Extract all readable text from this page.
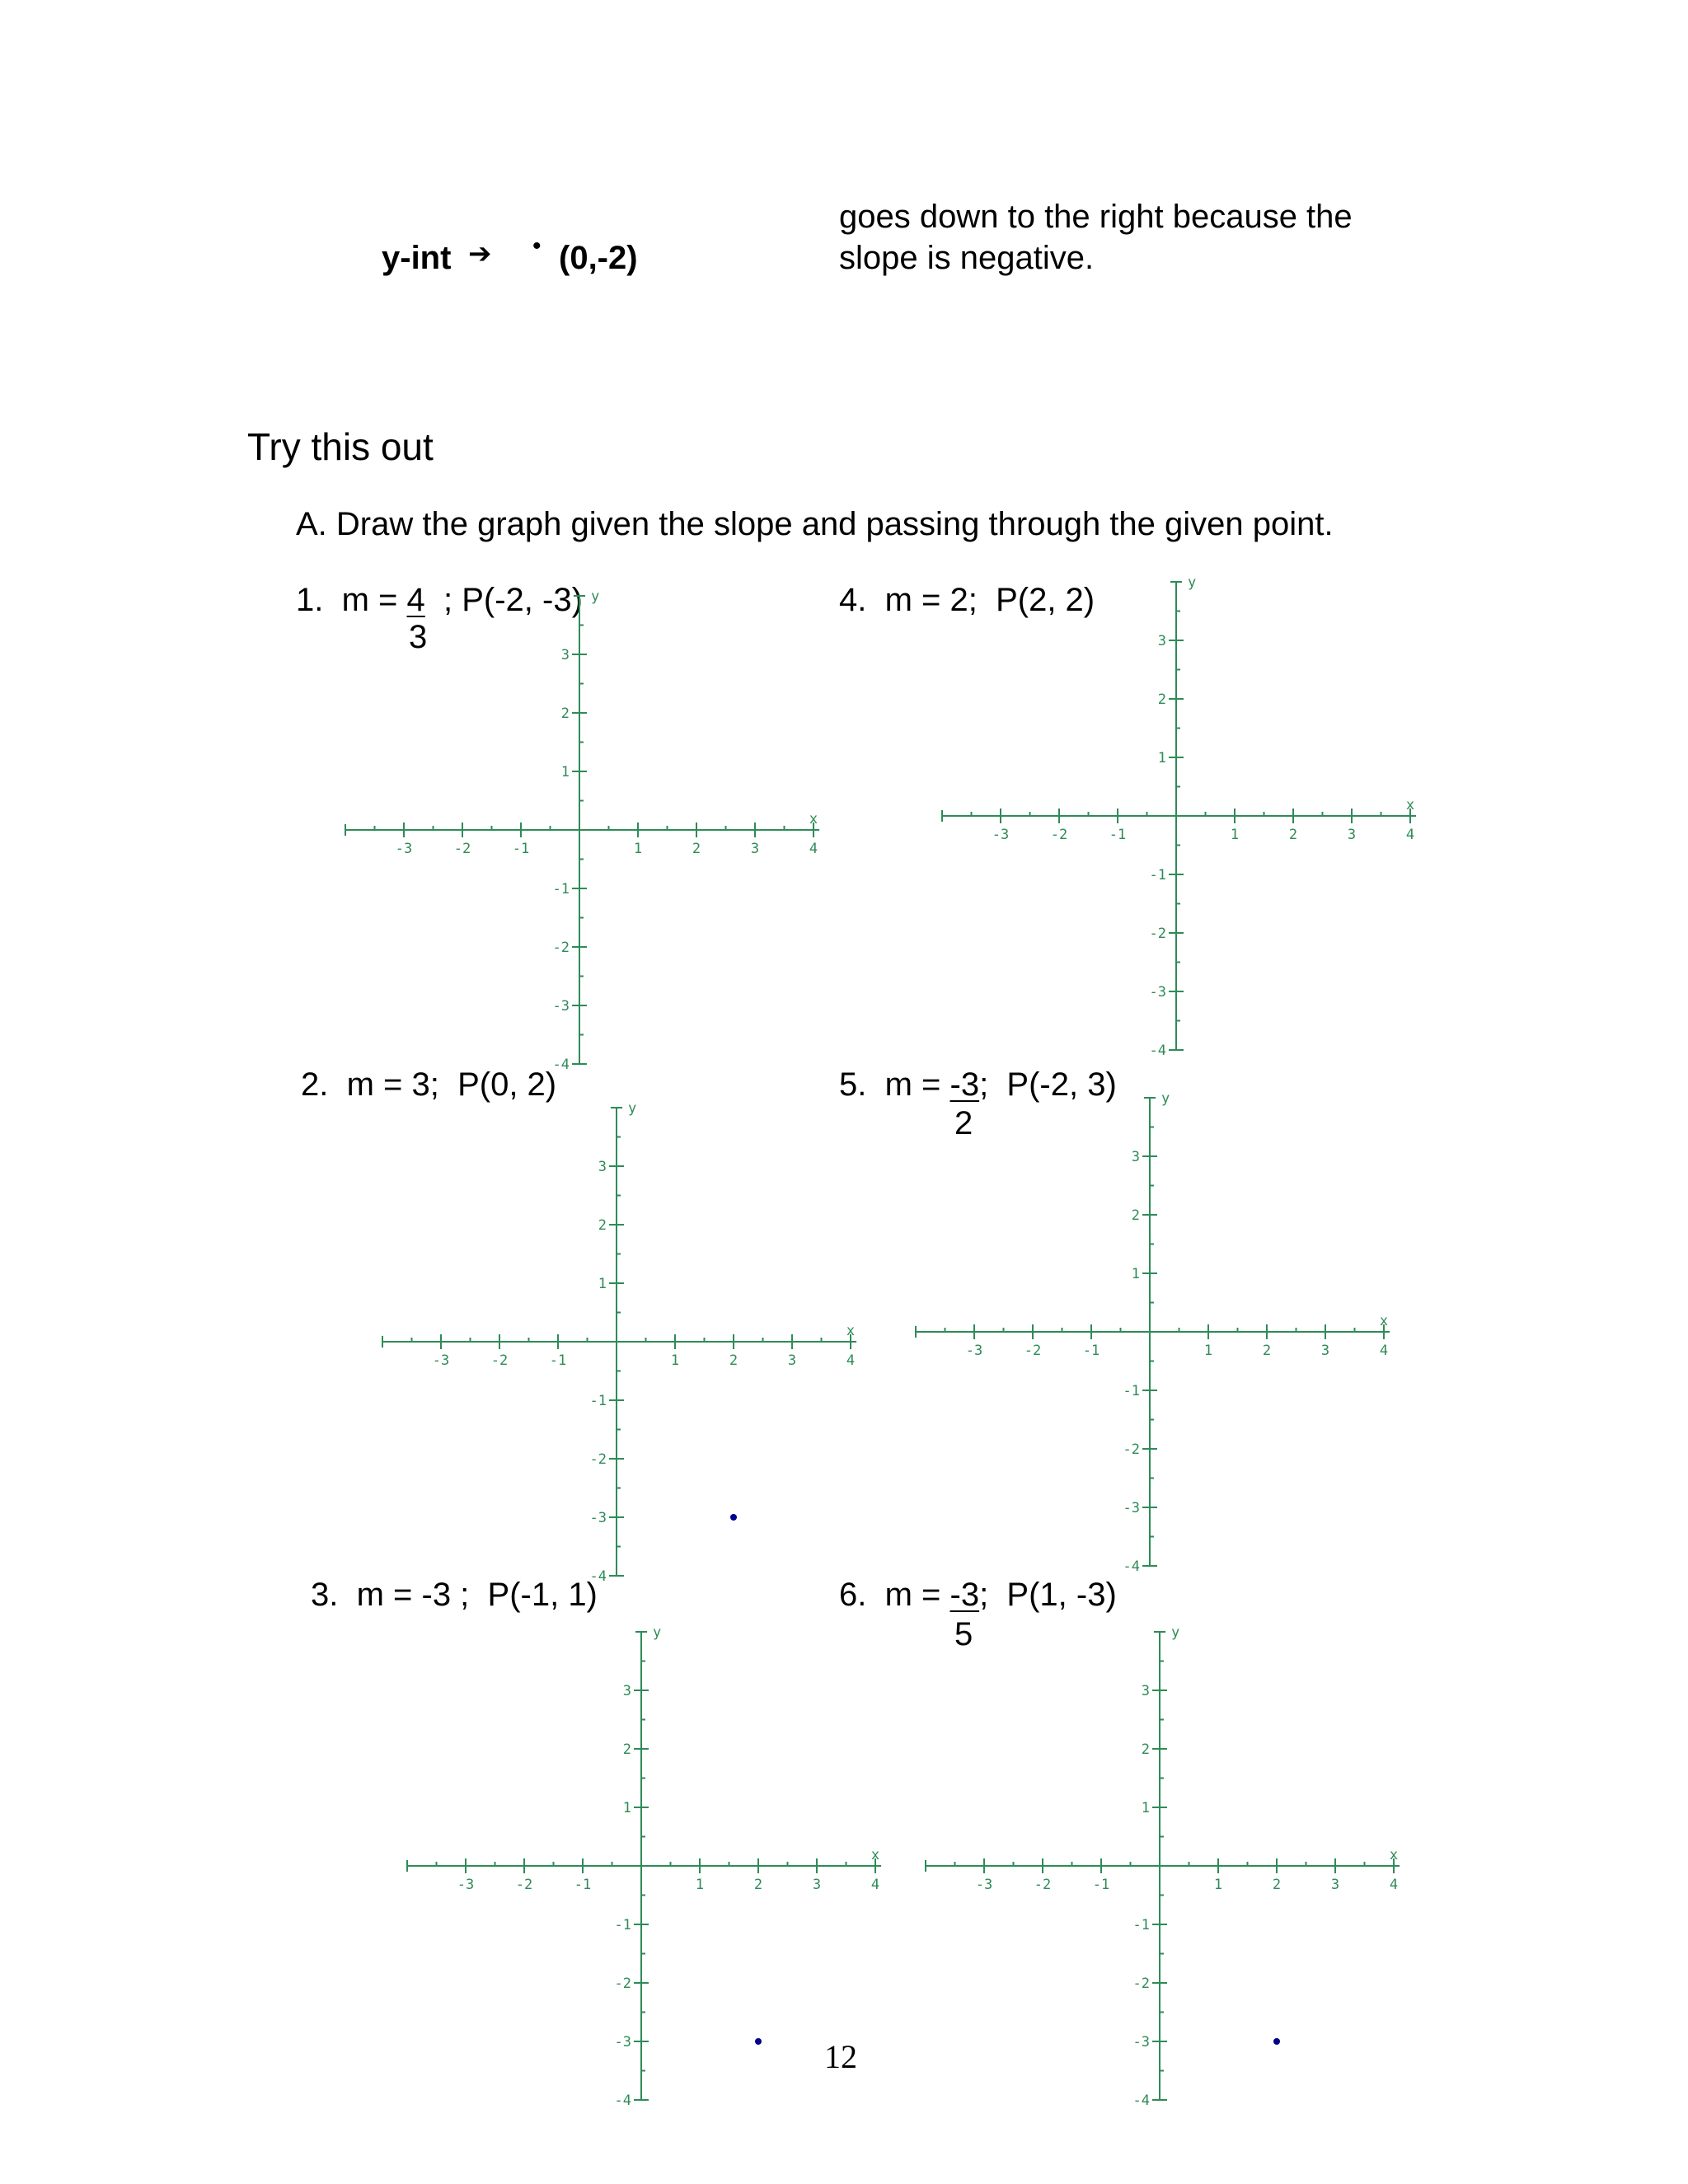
y-int ➔ • (0,-2)
goes down to the right because the
slope is negative.
Try this out
A. Draw the graph given the slope and passing through the given point.
1. m = 4  ; P(-2, -3)
3
4. m = 2;  P(2, 2)
2. m = 3;  P(0, 2)	5. m = -3;  P(-2, 3)
2
3. m = -3 ;  P(-1, 1)	6. m = -3;  P(1, -3)
5
-3	-2	-1	1	2	3	4
3
2
1
-1
-2
-3
-4
x
y
-3	-2	-1	1	2	3	4
3
2
1
-1
-2
-3
-4
x
y
-3	-2	-1	1	2	3	4
3
2
1
-1
-2
-3
-4
x
y
-3	-2	-1	1	2	3	4
3
2
1
-1
-2
-3
-4
x
y
-3	-2	-1	1	2	3	4
3
2
1
-1
-2
-3
-4
x
y
-3	-2	-1	1	2	3	4
3
2
1
-1
-2
-3
-4
x
y
12
